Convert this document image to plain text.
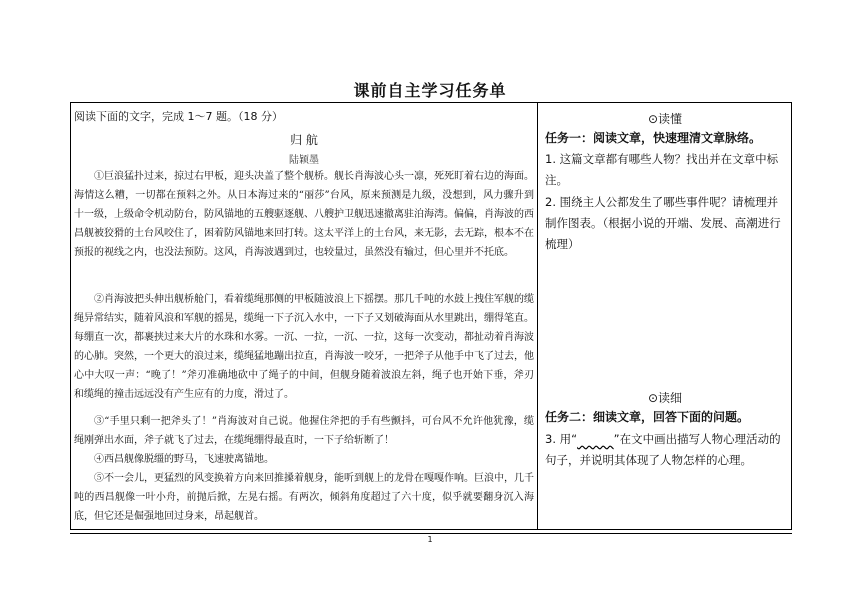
课前自主学习任务单
阅读下面的文字，完成 1～7 题。（18 分）
归 航
陆颖墨

①巨浪猛扑过来，掠过右甲板，迎头决盖了整个舰桥。舰长肖海波心头一凛，死死盯着右边的海面。海情这么糟，一切都在预料之外。从日本海过来的“丽莎”台风，原来预测是九级，没想到，风力骤升到十一级，上级命令机动防台，防风锚地的五艘驱逐舰、八艘护卫舰迅速撤离驻泊海湾。偏偏，肖海波的西昌舰被狡猾的土台风咬住了，困着防风锚地来回打转。这太平洋上的土台风，来无影，去无踪，根本不在预报的视线之内，也没法预防。这风，肖海波遇到过，也较量过，虽然没有输过，但心里并不托底。

②肖海波把头伸出舰桥舱门，看着缆绳那侧的甲板随波浪上下摇摆。那几千吨的水鼓上拽住军舰的缆绳异常结实，随着风浪和军舰的摇晃，缆绳一下子沉入水中，一下子又划破海面从水里跳出，绷得笔直。每绷直一次，都裹挟过来大片的水珠和水雾。一沉、一拉，一沉、一拉，这每一次变动，都扯动着肖海波的心肺。突然，一个更大的浪过来，缆绳猛地蹦出拉直，肖海波一咬牙，一把斧子从他手中飞了过去，他心中大叹一声：“晚了！”斧刃准确地砍中了绳子的中间，但舰身随着波浪左斜，绳子也开始下垂，斧刃和缆绳的撞击远远没有产生应有的力度，滑过了。

③“手里只剩一把斧头了！”肖海波对自己说。他握住斧把的手有些颤抖，可台风不允许他犹豫，缆绳刚弹出水面，斧子就飞了过去，在缆绳绷得最直时，一下子给斩断了！

④西昌舰像脱缰的野马，飞速驶离锚地。

⑤不一会儿，更猛烈的风变换着方向来回推搡着舰身，能听到舰上的龙骨在嘎嘎作响。巨浪中，几千吨的西昌舰像一叶小舟，前抛后掀，左晃右摇。有两次，倾斜角度超过了六十度，似乎就要翻身沉入海底，但它还是倔强地回过身来，昂起舰首。

⊙读懂
任务一：阅读文章，快速理清文章脉络。

1. 这篇文章都有哪些人物？找出并在文章中标注。

2. 围绕主人公都发生了哪些事件呢？请梳理并制作图表。（根据小说的开端、发展、高潮进行梳理）

⊙读细
任务二：细读文章，回答下面的问题。

3. 用“	”在文中画出描写人物心理活动的句子，并说明其体现了人物怎样的心理。

1
